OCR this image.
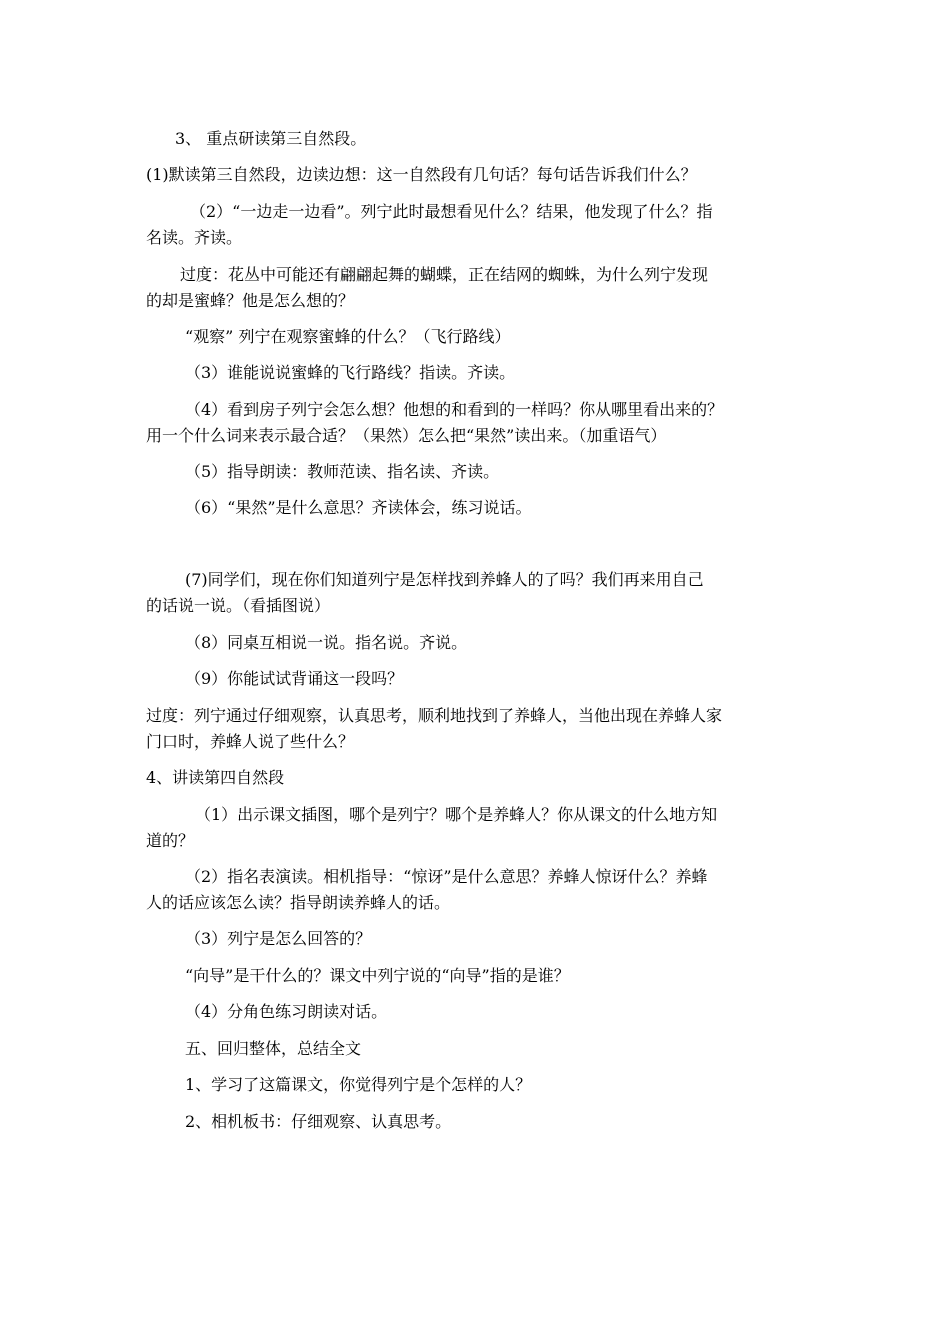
3、 重点研读第三自然段。
(1)默读第三自然段，边读边想：这一自然段有几句话？每句话告诉我们什么？
（2）“一边走一边看”。列宁此时最想看见什么？结果，他发现了什么？指
名读。齐读。
过度：花丛中可能还有翩翩起舞的蝴蝶，正在结网的蜘蛛，为什么列宁发现
的却是蜜蜂？他是怎么想的？
“观察” 列宁在观察蜜蜂的什么？（飞行路线）
（3）谁能说说蜜蜂的飞行路线？指读。齐读。
（4）看到房子列宁会怎么想？他想的和看到的一样吗？你从哪里看出来的？
用一个什么词来表示最合适？（果然）怎么把“果然”读出来。（加重语气）
（5）指导朗读：教师范读、指名读、齐读。
（6）“果然”是什么意思？齐读体会，练习说话。
(7)同学们，现在你们知道列宁是怎样找到养蜂人的了吗？我们再来用自己
的话说一说。（看插图说）
（8）同桌互相说一说。指名说。齐说。
（9）你能试试背诵这一段吗？
过度：列宁通过仔细观察，认真思考，顺利地找到了养蜂人，当他出现在养蜂人家
门口时，养蜂人说了些什么？
4、讲读第四自然段
（1）出示课文插图，哪个是列宁？哪个是养蜂人？你从课文的什么地方知
道的？
（2）指名表演读。相机指导：“惊讶”是什么意思？养蜂人惊讶什么？养蜂
人的话应该怎么读？指导朗读养蜂人的话。
（3）列宁是怎么回答的？
“向导”是干什么的？课文中列宁说的“向导”指的是谁？
（4）分角色练习朗读对话。
五、回归整体，总结全文
1、学习了这篇课文，你觉得列宁是个怎样的人？
2、相机板书：仔细观察、认真思考。
